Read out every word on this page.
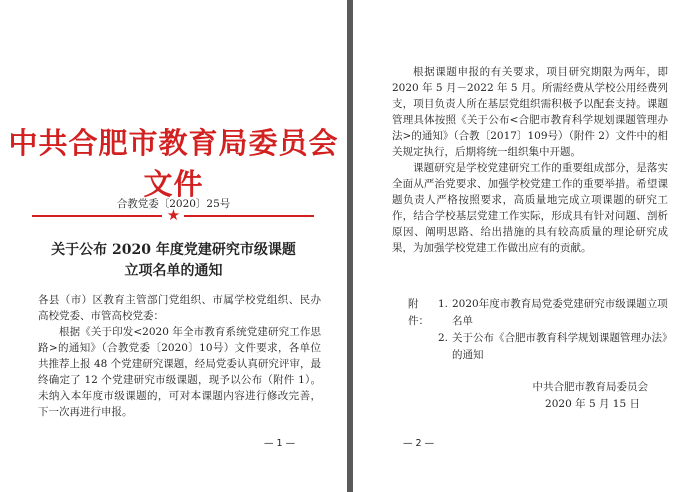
中共合肥市教育局委员会文件
合教党委〔2020〕25号
★
关于公布 2020 年度党建研究市级课题
立项名单的通知

各县（市）区教育主管部门党组织、市属学校党组织、民办高校党委、市管高校党委：

根据《关于印发<2020 年全市教育系统党建研究工作思路>的通知》（合教党委〔2020〕10号）文件要求，各单位共推荐上报 48 个党建研究课题，经局党委认真研究评审，最终确定了 12 个党建研究市级课题，现予以公布（附件 1）。未纳入本年度市级课题的，可对本课题内容进行修改完善，下一次再进行申报。

— 1 —

根据课题申报的有关要求，项目研究期限为两年，即 2020 年 5 月－2022 年 5 月。所需经费从学校公用经费列支，项目负责人所在基层党组织需积极予以配套支持。课题管理具体按照《关于公布<合肥市教育科学规划课题管理办法>的通知》（合教〔2017〕109号）（附件 2）文件中的相关规定执行，后期将统一组织集中开题。

课题研究是学校党建研究工作的重要组成部分，是落实全面从严治党要求、加强学校党建工作的重要举措。希望课题负责人严格按照要求，高质量地完成立项课题的研究工作，结合学校基层党建工作实际，形成具有针对问题、剖析原因、阐明思路、给出措施的具有较高质量的理论研究成果，为加强学校党建工作做出应有的贡献。

附件：
1. 2020年度市教育局党委党建研究市级课题立项名单
2. 关于公布《合肥市教育科学规划课题管理办法》的通知
中共合肥市教育局委员会
2020 年 5 月 15 日
— 2 —
